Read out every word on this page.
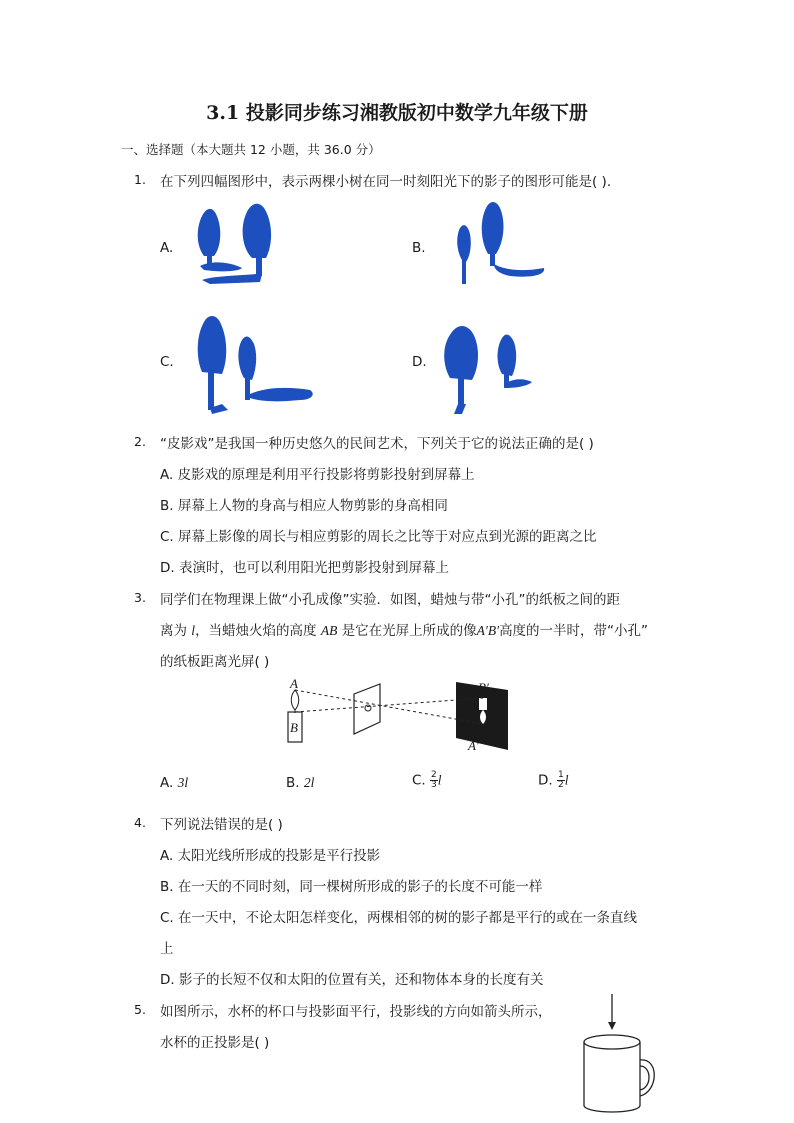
3.1 投影同步练习湘教版初中数学九年级下册
一、选择题（本大题共 12 小题，共 36.0 分）
1. 在下列四幅图形中，表示两棵小树在同一时刻阳光下的影子的图形可能是( ).
A.	B.
C.	D.
2. “皮影戏”是我国一种历史悠久的民间艺术，下列关于它的说法正确的是( )
A. 皮影戏的原理是利用平行投影将剪影投射到屏幕上
B. 屏幕上人物的身高与相应人物剪影的身高相同
C. 屏幕上影像的周长与相应剪影的周长之比等于对应点到光源的距离之比
D. 表演时，也可以利用阳光把剪影投射到屏幕上
3. 同学们在物理课上做“小孔成像”实验．如图，蜡烛与带“小孔”的纸板之间的距
离为 l，当蜡烛火焰的高度 AB 是它在光屏上所成的像A′B′高度的一半时，带“小孔”
的纸板距离光屏( )
A
B
B′
A′
A. 3l	B. 2l	C. $\frac{2}{3}$ l	D. $\frac{1}{2}$ l
4. 下列说法错误的是( )
A. 太阳光线所形成的投影是平行投影
B. 在一天的不同时刻，同一棵树所形成的影子的长度不可能一样
C. 在一天中，不论太阳怎样变化，两棵相邻的树的影子都是平行的或在一条直线
上
D. 影子的长短不仅和太阳的位置有关，还和物体本身的长度有关
5. 如图所示，水杯的杯口与投影面平行，投影线的方向如箭头所示，
水杯的正投影是( )
